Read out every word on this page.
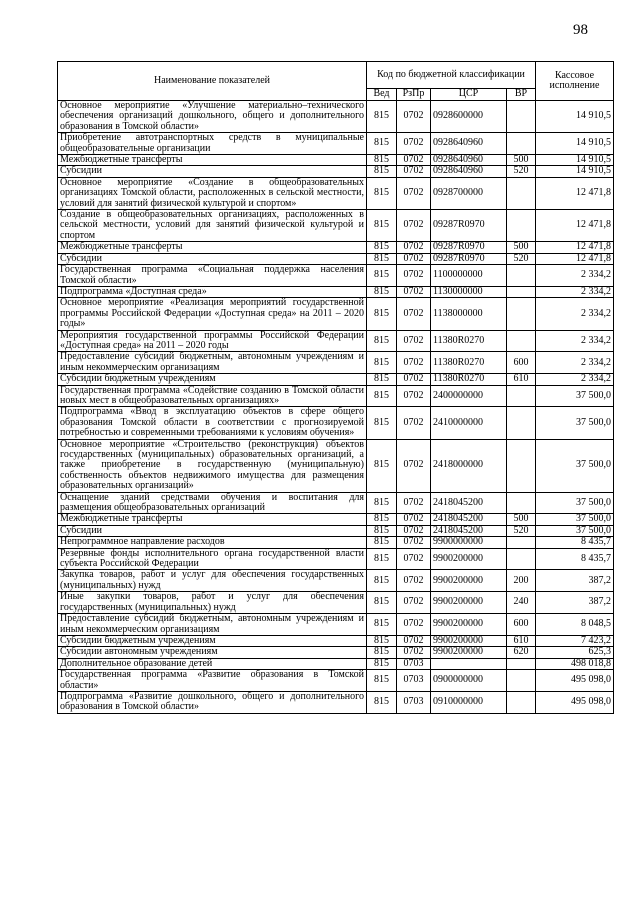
98
Наименование показателей	Код по бюджетной классификации				Кассовое исполнение
	Вед	РзПр	ЦСР	ВР	
Основное мероприятие «Улучшение материально–технического обеспечения организаций дошкольного, общего и дополнительного образования в Томской области»	815	0702	0928600000		14 910,5
Приобретение автотранспортных средств в муниципальные общеобразовательные организации	815	0702	0928640960		14 910,5
Межбюджетные трансферты	815	0702	0928640960	500	14 910,5
Субсидии	815	0702	0928640960	520	14 910,5
Основное мероприятие «Создание в общеобразовательных организациях Томской области, расположенных в сельской местности, условий для занятий физической культурой и спортом»	815	0702	0928700000		12 471,8
Создание в общеобразовательных организациях, расположенных в сельской местности, условий для занятий физической культурой и спортом	815	0702	09287R0970		12 471,8
Межбюджетные трансферты	815	0702	09287R0970	500	12 471,8
Субсидии	815	0702	09287R0970	520	12 471,8
Государственная программа «Социальная поддержка населения Томской области»	815	0702	1100000000		2 334,2
Подпрограмма «Доступная среда»	815	0702	1130000000		2 334,2
Основное мероприятие «Реализация мероприятий государственной программы Российской Федерации «Доступная среда» на 2011 – 2020 годы»	815	0702	1138000000		2 334,2
Мероприятия государственной программы Российской Федерации «Доступная среда» на 2011 – 2020 годы	815	0702	11380R0270		2 334,2
Предоставление субсидий бюджетным, автономным учреждениям и иным некоммерческим организациям	815	0702	11380R0270	600	2 334,2
Субсидии бюджетным учреждениям	815	0702	11380R0270	610	2 334,2
Государственная программа «Содействие созданию в Томской области новых мест в общеобразовательных организациях»	815	0702	2400000000		37 500,0
Подпрограмма «Ввод в эксплуатацию объектов в сфере общего образования Томской области в соответствии с прогнозируемой потребностью и современными требованиями к условиям обучения»	815	0702	2410000000		37 500,0
Основное мероприятие «Строительство (реконструкция) объектов государственных (муниципальных) образовательных организаций, а также приобретение в государственную (муниципальную) собственность объектов недвижимого имущества для размещения образовательных организаций»	815	0702	2418000000		37 500,0
Оснащение зданий средствами обучения и воспитания для размещения общеобразовательных организаций	815	0702	2418045200		37 500,0
Межбюджетные трансферты	815	0702	2418045200	500	37 500,0
Субсидии	815	0702	2418045200	520	37 500,0
Непрограммное направление расходов	815	0702	9900000000		8 435,7
Резервные фонды исполнительного органа государственной власти субъекта Российской Федерации	815	0702	9900200000		8 435,7
Закупка товаров, работ и услуг для обеспечения государственных (муниципальных) нужд	815	0702	9900200000	200	387,2
Иные закупки товаров, работ и услуг для обеспечения государственных (муниципальных) нужд	815	0702	9900200000	240	387,2
Предоставление субсидий бюджетным, автономным учреждениям и иным некоммерческим организациям	815	0702	9900200000	600	8 048,5
Субсидии бюджетным учреждениям	815	0702	9900200000	610	7 423,2
Субсидии автономным учреждениям	815	0702	9900200000	620	625,3
Дополнительное образование детей	815	0703			498 018,8
Государственная программа «Развитие образования в Томской области»	815	0703	0900000000		495 098,0
Подпрограмма «Развитие дошкольного, общего и дополнительного образования в Томской области»	815	0703	0910000000		495 098,0
